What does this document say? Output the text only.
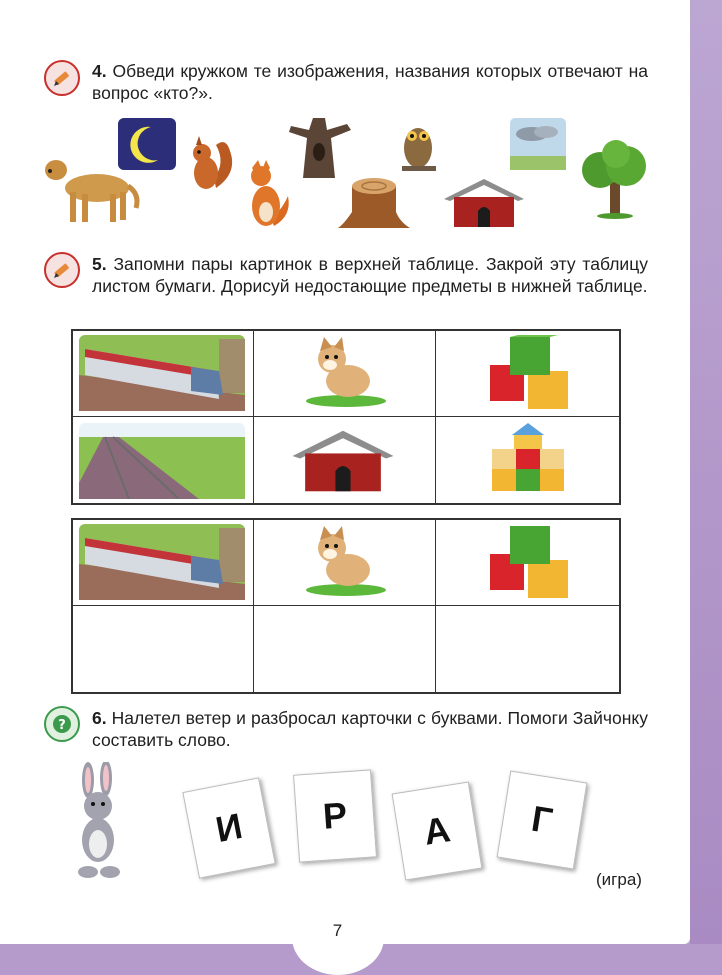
7
4. Обведи кружком те изображения, названия которых отвечают на вопрос «кто?».
5. Запомни пары картинок в верхней таблице. Закрой эту таблицу листом бумаги. Дорисуй недостающие предметы в нижней таблице.
? 6. Налетел ветер и разбросал карточки с буквами. Помоги Зайчонку составить слово.
И	Р	А	Г
(игра)
